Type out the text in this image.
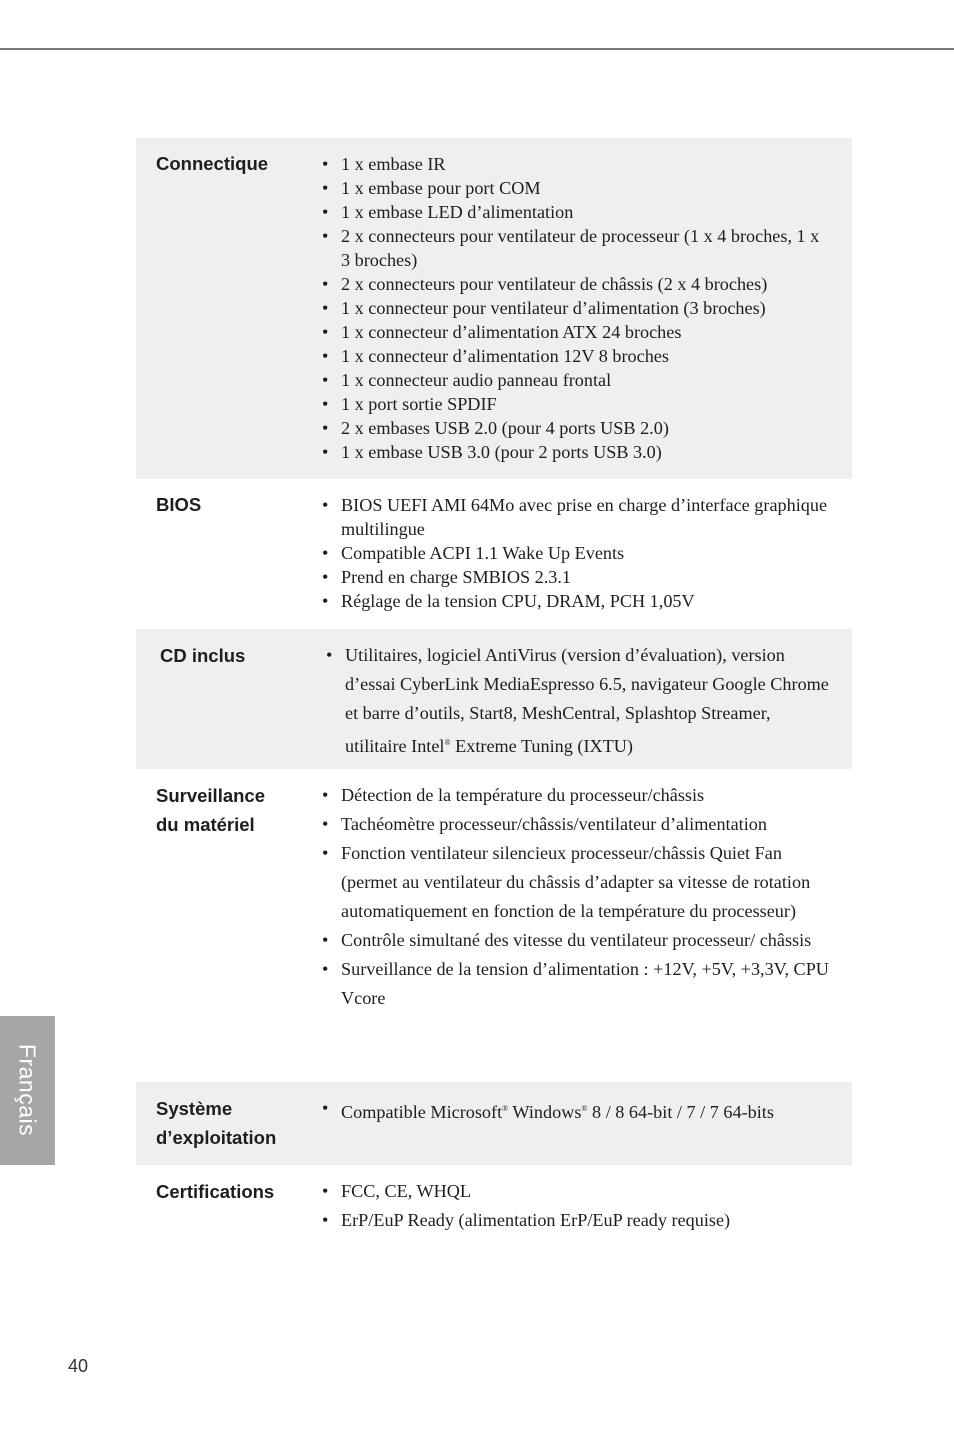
Connectique	• 1 x embase IR
• 1 x embase pour port COM
• 1 x embase LED d’alimentation
• 2 x connecteurs pour ventilateur de processeur (1 x 4 broches, 1 x 3 broches)
• 2 x connecteurs pour ventilateur de châssis (2 x 4 broches)
• 1 x connecteur pour ventilateur d’alimentation (3 broches)
• 1 x connecteur d’alimentation ATX 24 broches
• 1 x connecteur d’alimentation 12V 8 broches
• 1 x connecteur audio panneau frontal
• 1 x port sortie SPDIF
• 2 x embases USB 2.0 (pour 4 ports USB 2.0)
• 1 x embase USB 3.0 (pour 2 ports USB 3.0)
BIOS	• BIOS UEFI AMI 64Mo avec prise en charge d’interface graphique multilingue
• Compatible ACPI 1.1 Wake Up Events
• Prend en charge SMBIOS 2.3.1
• Réglage de la tension CPU, DRAM, PCH 1,05V
CD inclus	• Utilitaires, logiciel AntiVirus (version d’évaluation), version d’essai CyberLink MediaEspresso 6.5, navigateur Google Chrome et barre d’outils, Start8, MeshCentral, Splashtop Streamer, utilitaire Intel® Extreme Tuning (IXTU)
Surveillance
du matériel
• Détection de la température du processeur/châssis
• Tachéomètre processeur/châssis/ventilateur d’alimentation
• Fonction ventilateur silencieux processeur/châssis Quiet Fan (permet au ventilateur du châssis d’adapter sa vitesse de rotation automatiquement en fonction de la température du processeur)
• Contrôle simultané des vitesse du ventilateur processeur/ châssis
• Surveillance de la tension d’alimentation : +12V, +5V, +3,3V, CPU Vcore
Système
d’exploitation
• Compatible Microsoft® Windows® 8 / 8 64-bit / 7 / 7 64-bits
Certifications	• FCC, CE, WHQL
• ErP/EuP Ready (alimentation ErP/EuP ready requise)
Français
40
